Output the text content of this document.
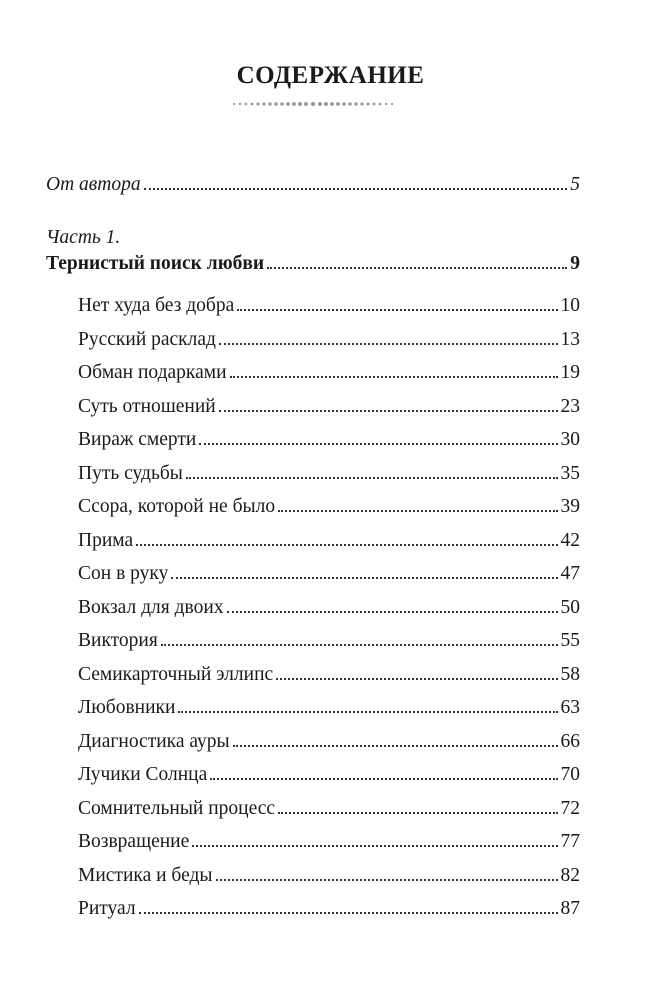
СОДЕРЖАНИЕ
От автора	5
Часть 1.
Тернистый поиск любви	9
Нет худа без добра	10
Русский расклад	13
Обман подарками	19
Суть отношений	23
Вираж смерти	30
Путь судьбы	35
Ссора, которой не было	39
Прима	42
Сон в руку	47
Вокзал для двоих	50
Виктория	55
Семикарточный эллипс	58
Любовники	63
Диагностика ауры	66
Лучики Солнца	70
Сомнительный процесс	72
Возвращение	77
Мистика и беды	82
Ритуал	87
